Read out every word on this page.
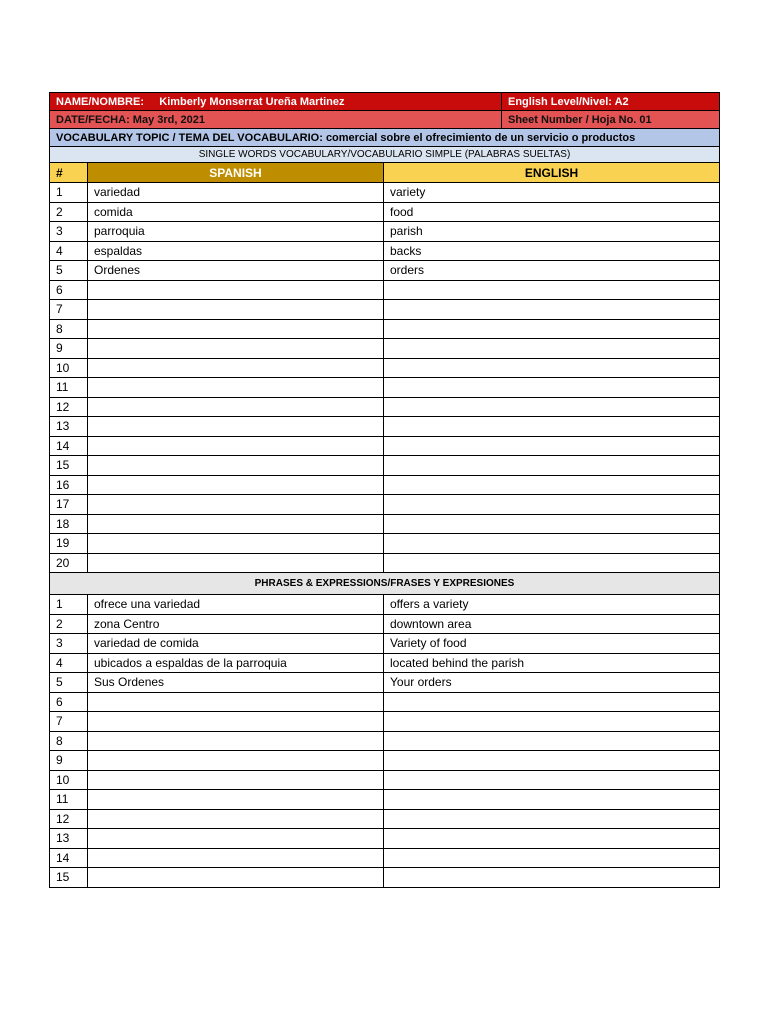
NAME/NOMBRE: Kimberly Monserrat Ureña Martinez			English Level/Nivel: A2
DATE/FECHA: May 3rd, 2021			Sheet Number / Hoja No. 01
VOCABULARY TOPIC / TEMA DEL VOCABULARIO: comercial sobre el ofrecimiento de un servicio o productos			
SINGLE WORDS VOCABULARY/VOCABULARIO SIMPLE (PALABRAS SUELTAS)			
#	SPANISH	ENGLISH	
1	variedad	variety	
2	comida	food	
3	parroquia	parish	
4	espaldas	backs	
5	Ordenes	orders	
6			
7			
8			
9			
10			
11			
12			
13			
14			
15			
16			
17			
18			
19			
20			
PHRASES & EXPRESSIONS/FRASES Y EXPRESIONES			
1	ofrece una variedad	offers a variety	
2	zona Centro	downtown area	
3	variedad de comida	Variety of food	
4	ubicados a espaldas de la parroquia	located behind the parish	
5	Sus Ordenes	Your orders	
6			
7			
8			
9			
10			
11			
12			
13			
14			
15			
